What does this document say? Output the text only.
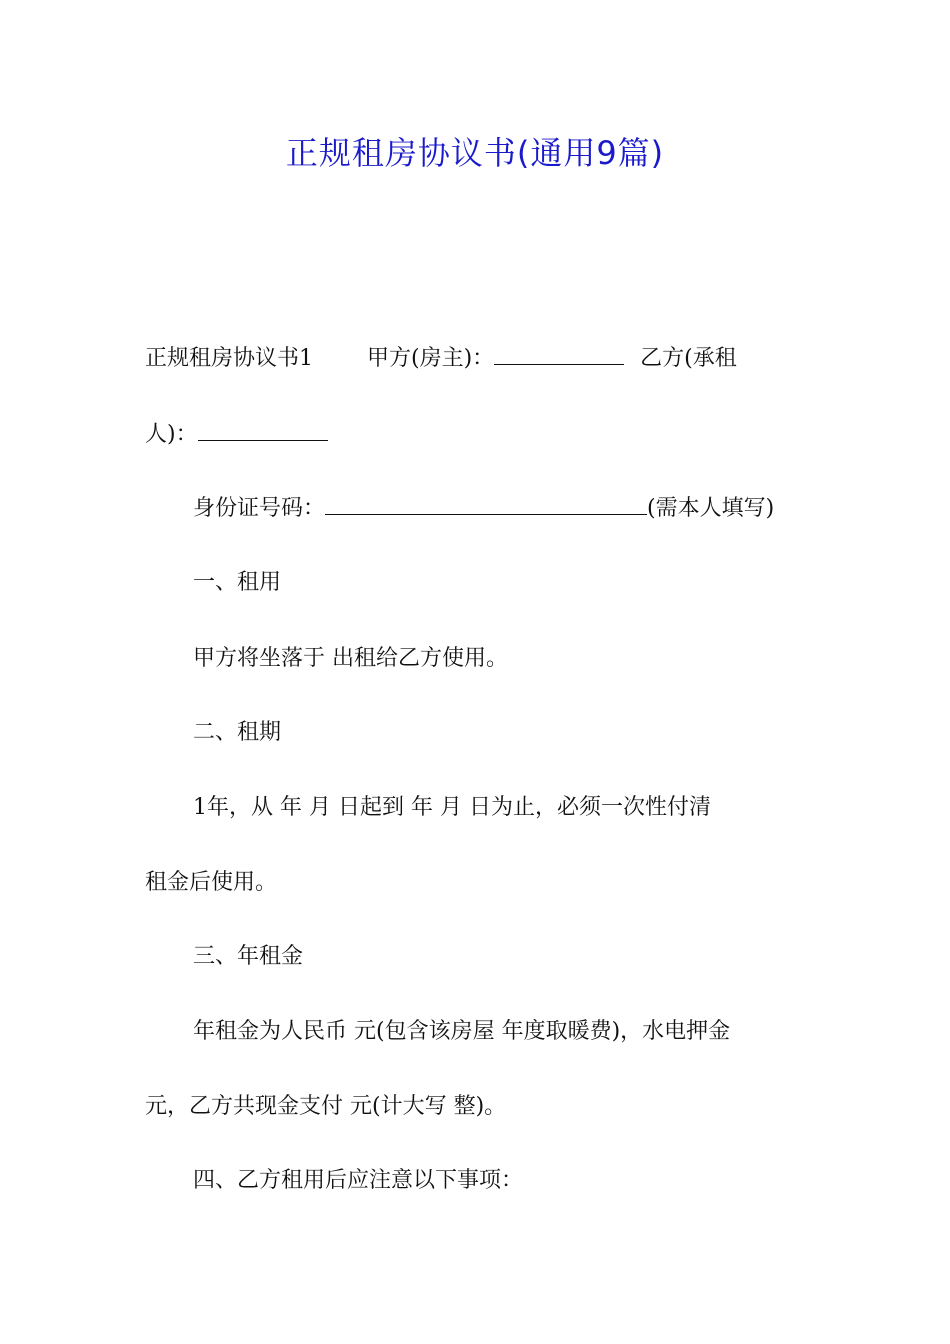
正规租房协议书(通用9篇)
正规租房协议书1 甲方(房主)：	乙方(承租
人)：
身份证号码：	(需本人填写)
一、租用
甲方将坐落于 出租给乙方使用。
二、租期
1年，从 年 月 日起到 年 月 日为止，必须一次性付清
租金后使用。
三、年租金
年租金为人民币 元(包含该房屋 年度取暖费)，水电押金
元，乙方共现金支付 元(计大写 整)。
四、乙方租用后应注意以下事项：
